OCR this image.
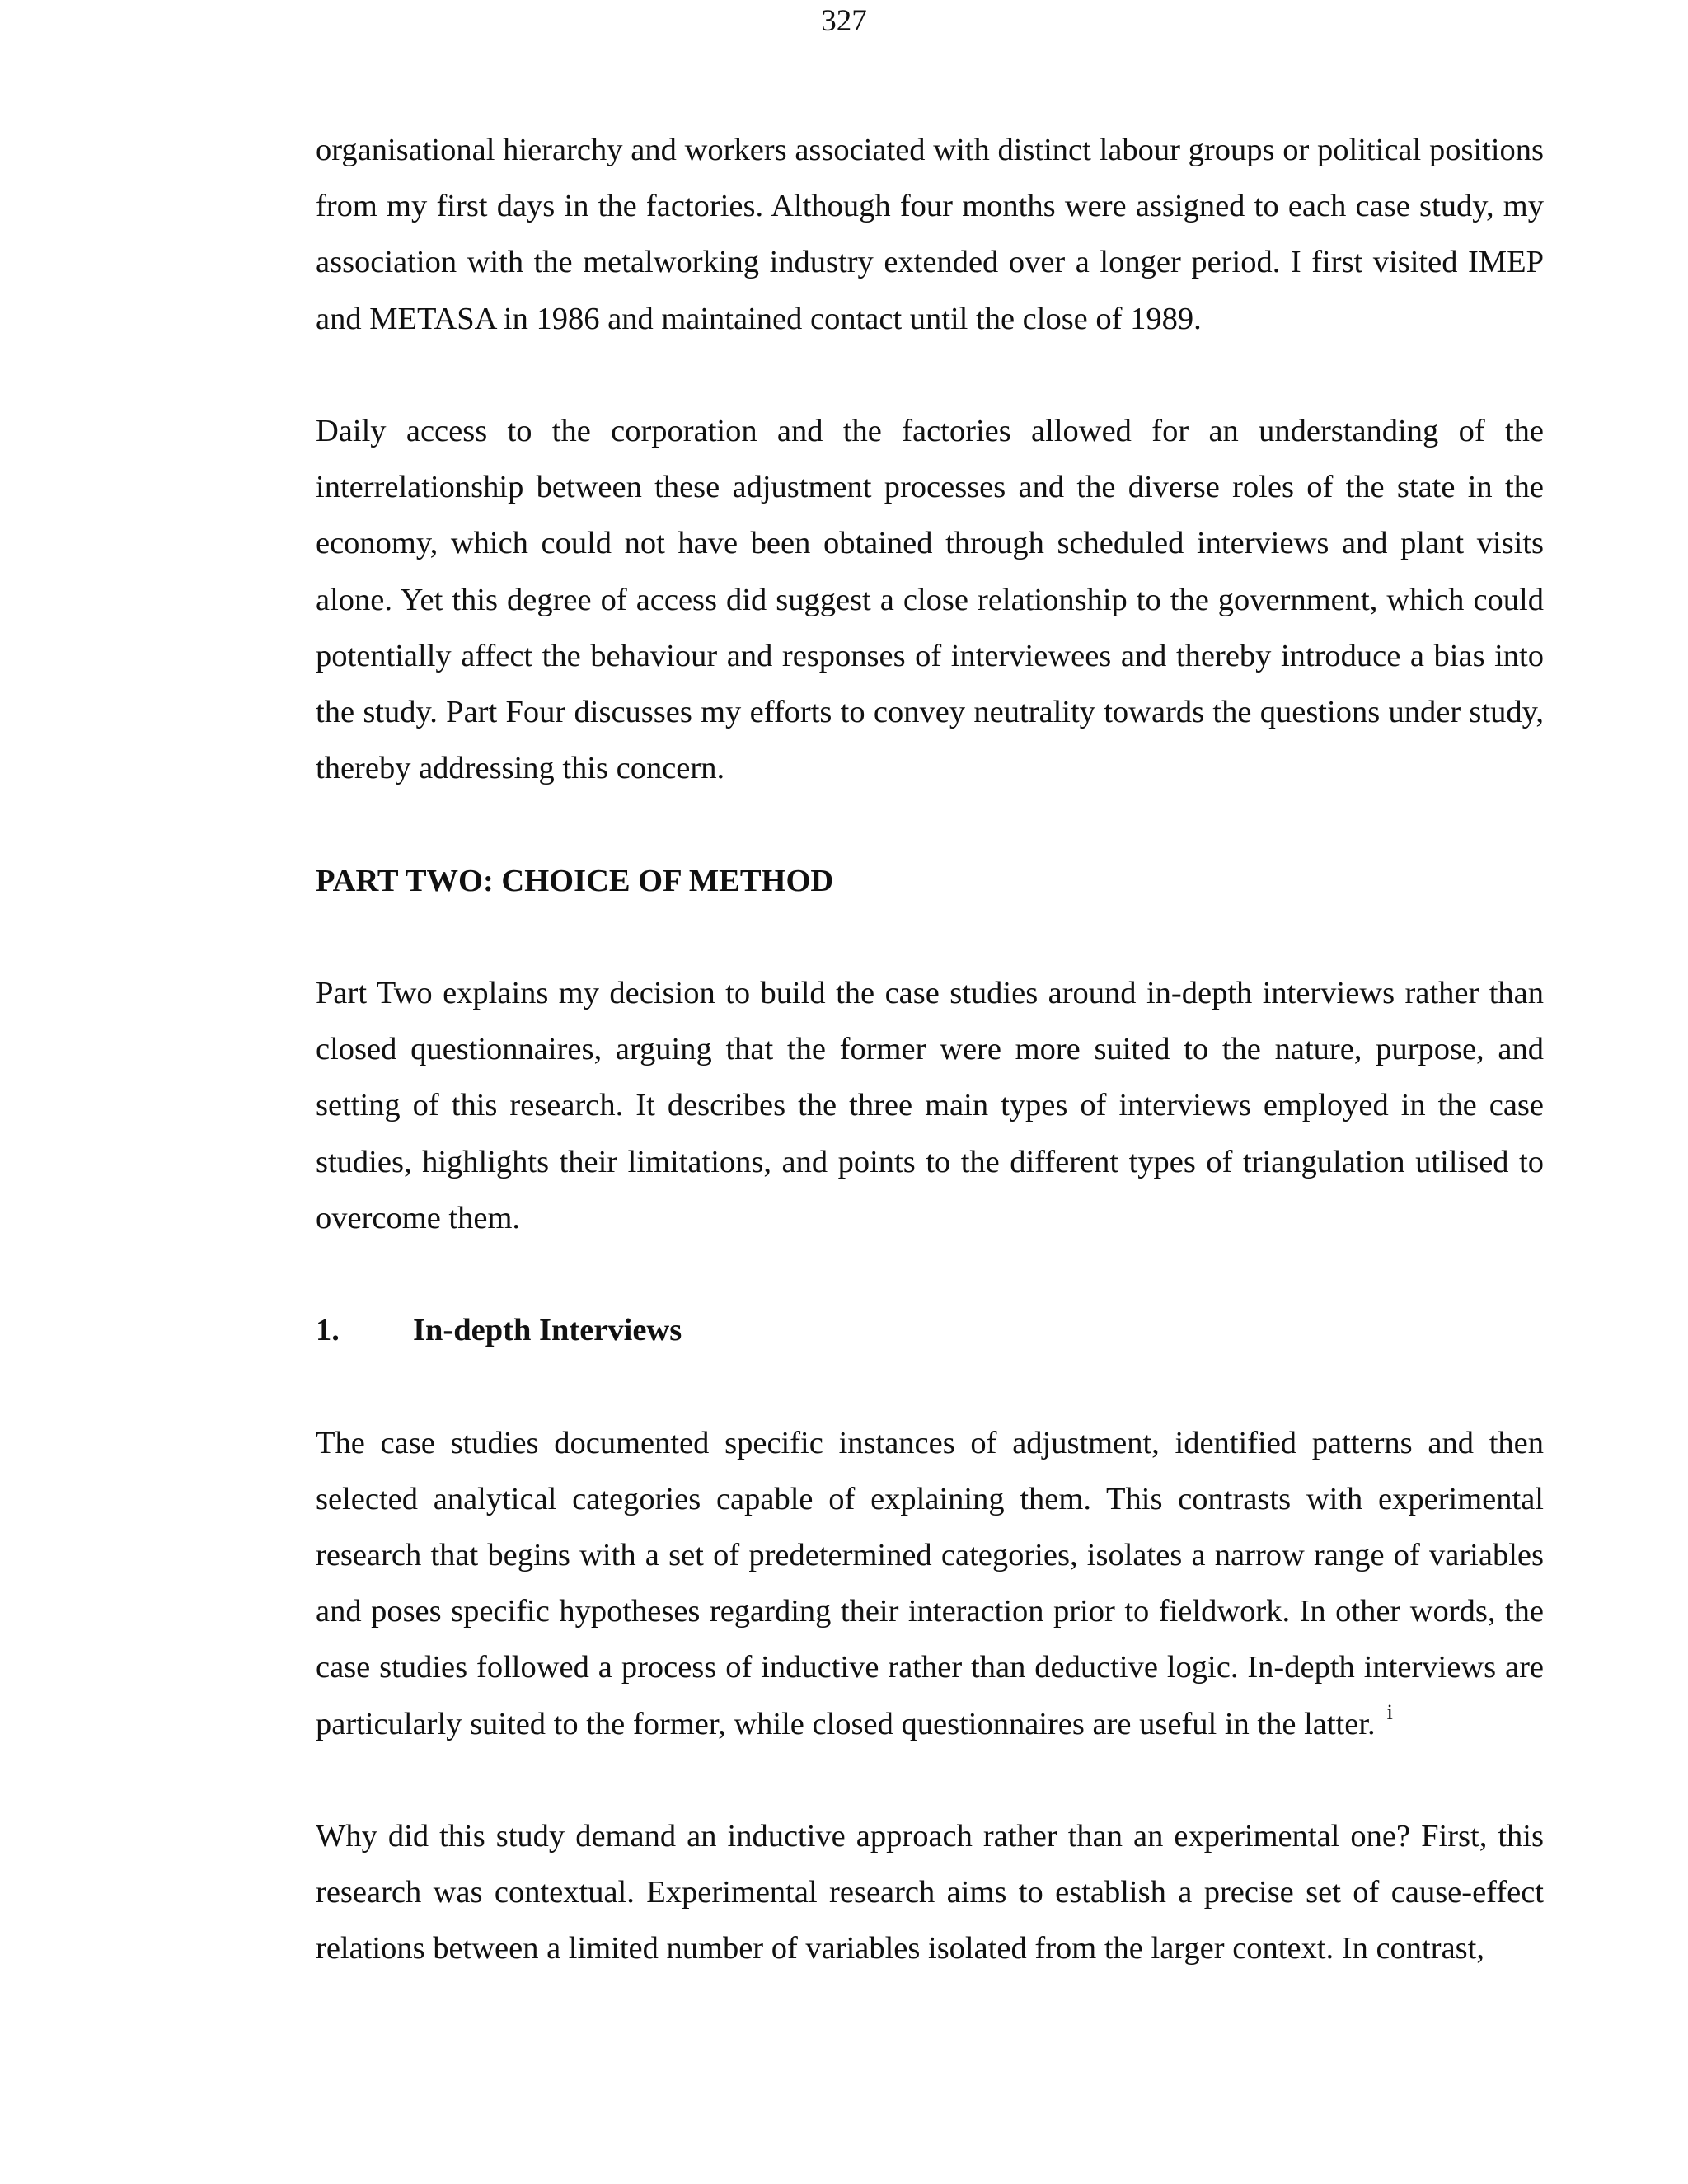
327

organisational hierarchy and workers associated with distinct labour groups or political positions from my first days in the factories. Although four months were assigned to each case study, my association with the metalworking industry extended over a longer period. I first visited IMEP and METASA in 1986 and maintained contact until the close of 1989.

Daily access to the corporation and the factories allowed for an understanding of the interrelationship between these adjustment processes and the diverse roles of the state in the economy, which could not have been obtained through scheduled interviews and plant visits alone. Yet this degree of access did suggest a close relationship to the government, which could potentially affect the behaviour and responses of interviewees and thereby introduce a bias into the study. Part Four discusses my efforts to convey neutrality towards the questions under study, thereby addressing this concern.

PART TWO: CHOICE OF METHOD

Part Two explains my decision to build the case studies around in-depth interviews rather than closed questionnaires, arguing that the former were more suited to the nature, purpose, and setting of this research. It describes the three main types of interviews employed in the case studies, highlights their limitations, and points to the different types of triangulation utilised to overcome them.

1.	In-depth Interviews

The case studies documented specific instances of adjustment, identified patterns and then selected analytical categories capable of explaining them. This contrasts with experimental research that begins with a set of predetermined categories, isolates a narrow range of variables and poses specific hypotheses regarding their interaction prior to fieldwork. In other words, the case studies followed a process of inductive rather than deductive logic. In-depth interviews are particularly suited to the former, while closed questionnaires are useful in the latter. $^i$

Why did this study demand an inductive approach rather than an experimental one? First, this research was contextual. Experimental research aims to establish a precise set of cause-effect relations between a limited number of variables isolated from the larger context. In contrast,
